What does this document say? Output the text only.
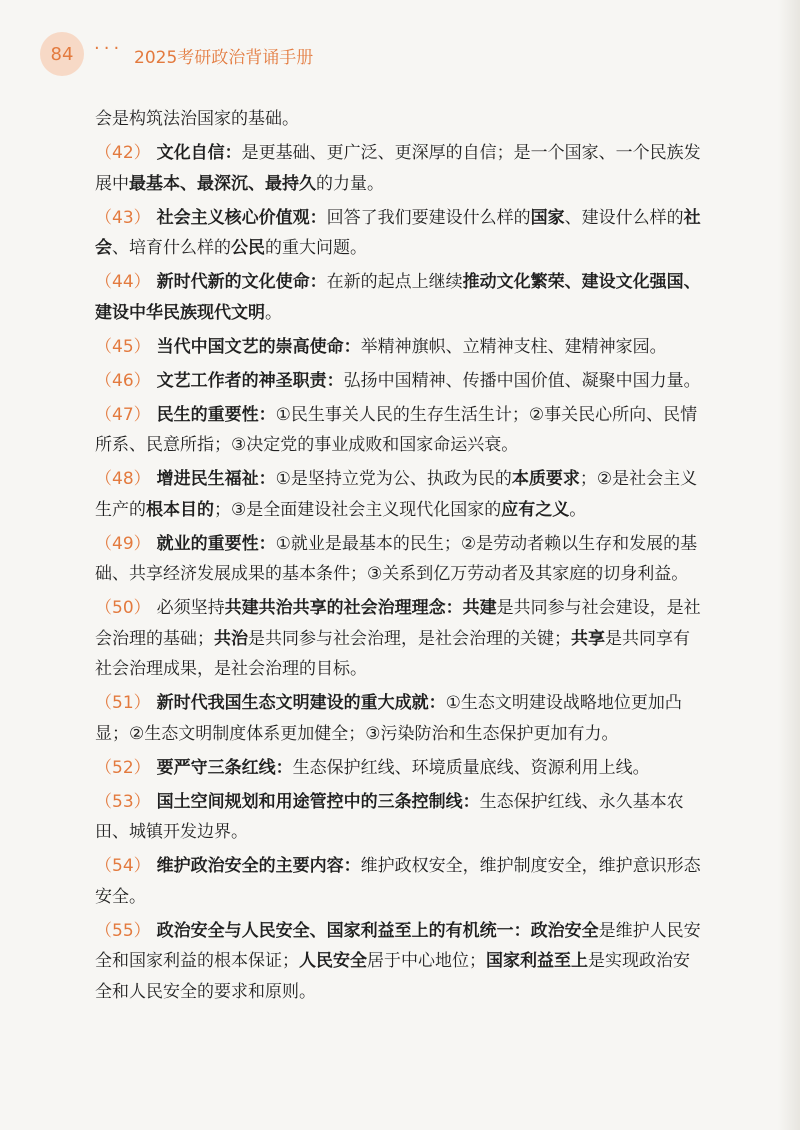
84 ··· 2025考研政治背诵手册

会是构筑法治国家的基础。

（42） 文化自信：是更基础、更广泛、更深厚的自信；是一个国家、一个民族发展中最基本、最深沉、最持久的力量。

（43） 社会主义核心价值观：回答了我们要建设什么样的国家、建设什么样的社会、培育什么样的公民的重大问题。

（44） 新时代新的文化使命：在新的起点上继续推动文化繁荣、建设文化强国、建设中华民族现代文明。

（45） 当代中国文艺的崇高使命：举精神旗帜、立精神支柱、建精神家园。

（46） 文艺工作者的神圣职责：弘扬中国精神、传播中国价值、凝聚中国力量。

（47） 民生的重要性：①民生事关人民的生存生活生计；②事关民心所向、民情所系、民意所指；③决定党的事业成败和国家命运兴衰。

（48） 增进民生福祉：①是坚持立党为公、执政为民的本质要求；②是社会主义生产的根本目的；③是全面建设社会主义现代化国家的应有之义。

（49） 就业的重要性：①就业是最基本的民生；②是劳动者赖以生存和发展的基础、共享经济发展成果的基本条件；③关系到亿万劳动者及其家庭的切身利益。

（50） 必须坚持共建共治共享的社会治理理念：共建是共同参与社会建设，是社会治理的基础；共治是共同参与社会治理，是社会治理的关键；共享是共同享有社会治理成果，是社会治理的目标。

（51） 新时代我国生态文明建设的重大成就：①生态文明建设战略地位更加凸显；②生态文明制度体系更加健全；③污染防治和生态保护更加有力。

（52） 要严守三条红线：生态保护红线、环境质量底线、资源利用上线。

（53） 国土空间规划和用途管控中的三条控制线：生态保护红线、永久基本农田、城镇开发边界。

（54） 维护政治安全的主要内容：维护政权安全，维护制度安全，维护意识形态安全。

（55） 政治安全与人民安全、国家利益至上的有机统一：政治安全是维护人民安全和国家利益的根本保证；人民安全居于中心地位；国家利益至上是实现政治安全和人民安全的要求和原则。
